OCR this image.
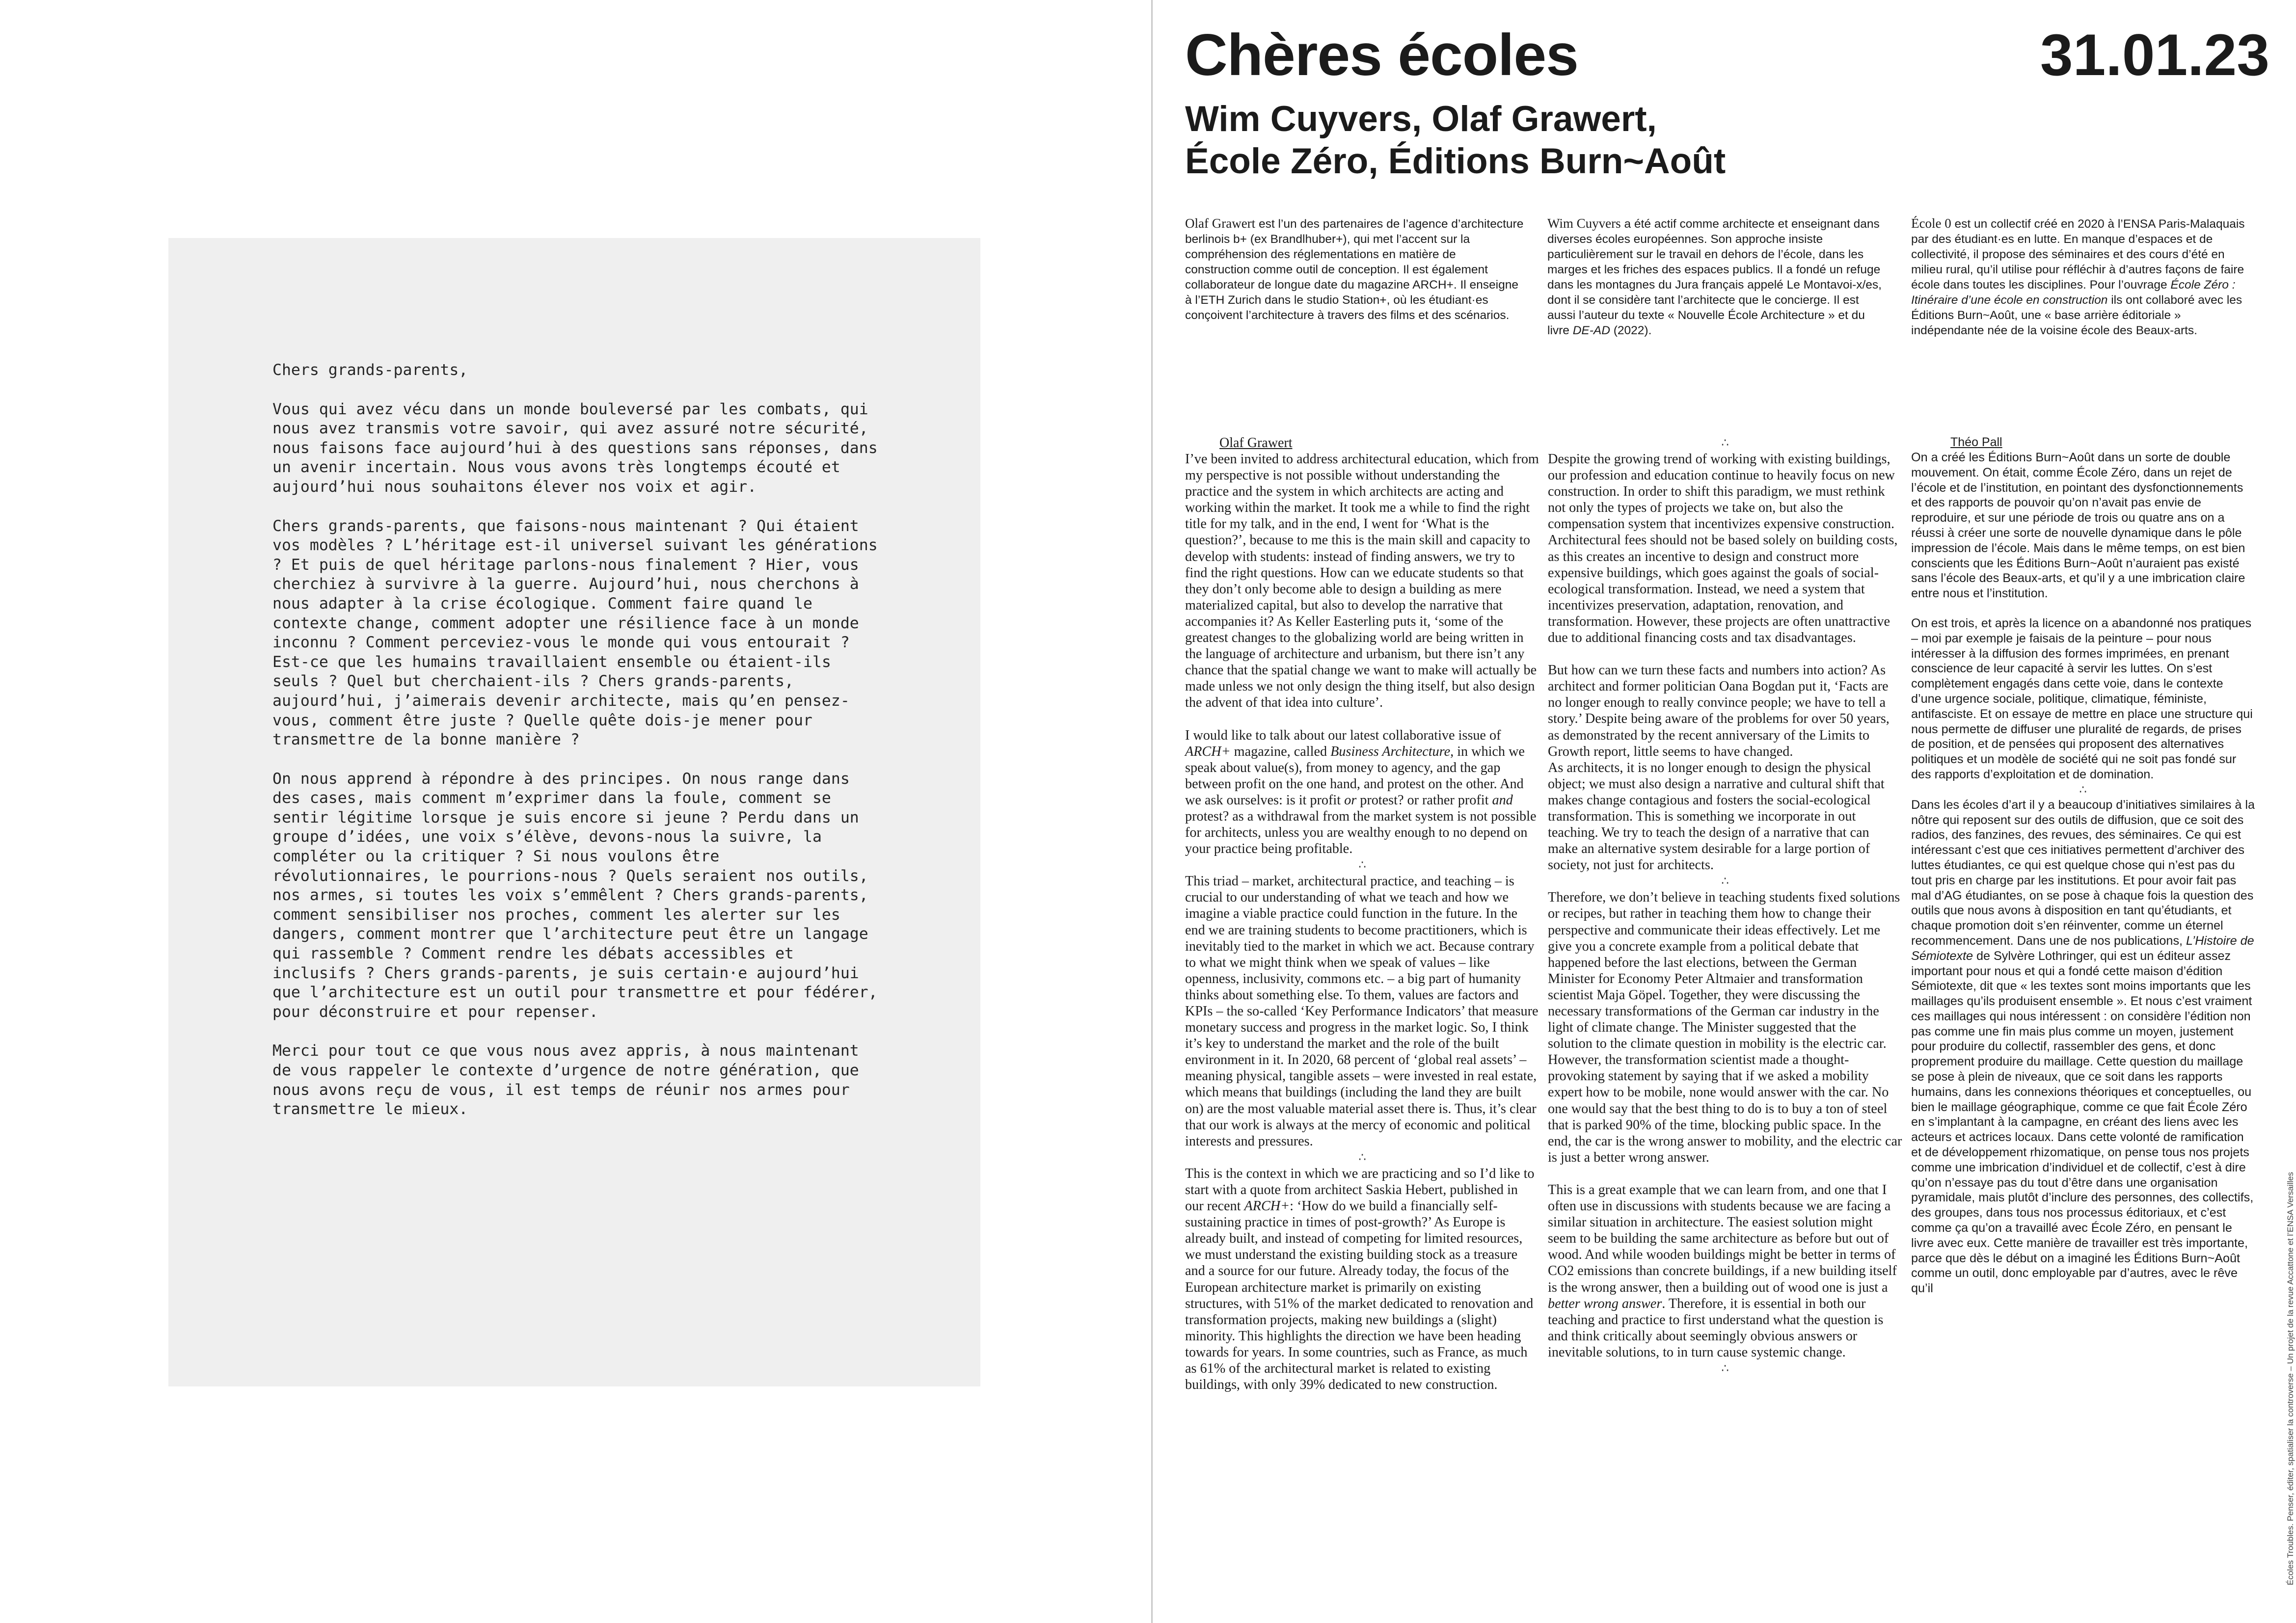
Chers grands-parents,

Vous qui avez vécu dans un monde bouleversé par les combats, qui nous avez transmis votre savoir, qui avez assuré notre sécurité, nous faisons face aujourd’hui à des questions sans réponses, dans un avenir incertain. Nous vous avons très longtemps écouté et aujourd’hui nous souhaitons élever nos voix et agir.

Chers grands-parents, que faisons-nous maintenant ? Qui étaient vos modèles ? L’héritage est-il universel suivant les générations ? Et puis de quel héritage parlons-nous finalement ? Hier, vous cherchiez à survivre à la guerre. Aujourd’hui, nous cherchons à nous adapter à la crise écologique. Comment faire quand le contexte change, comment adopter une résilience face à un monde inconnu ? Comment perceviez-vous le monde qui vous entourait ? Est-ce que les humains travaillaient ensemble ou étaient-ils seuls ? Quel but cherchaient-ils ? Chers grands-parents, aujourd’hui, j’aimerais devenir architecte, mais qu’en pensez-vous, comment être juste ? Quelle quête dois-je mener pour transmettre de la bonne manière ?

On nous apprend à répondre à des principes. On nous range dans des cases, mais comment m’exprimer dans la foule, comment se sentir légitime lorsque je suis encore si jeune ? Perdu dans un groupe d’idées, une voix s’élève, devons-nous la suivre, la compléter ou la critiquer ? Si nous voulons être révolutionnaires, le pourrions-nous ? Quels seraient nos outils, nos armes, si toutes les voix s’emmêlent ? Chers grands-parents, comment sensibiliser nos proches, comment les alerter sur les dangers, comment montrer que l’architecture peut être un langage qui rassemble ? Comment rendre les débats accessibles et inclusifs ? Chers grands-parents, je suis certain·e aujourd’hui que l’architecture est un outil pour transmettre et pour fédérer, pour déconstruire et pour repenser.

Merci pour tout ce que vous nous avez appris, à nous maintenant de vous rappeler le contexte d’urgence de notre génération, que nous avons reçu de vous, il est temps de réunir nos armes pour transmettre le mieux.

Chères écoles	31.01.23
Wim Cuyvers, Olaf Grawert,
École Zéro, Éditions Burn~Août
Olaf Grawert est l’un des partenaires de l’agence d’architecture berlinois b+ (ex Brandlhuber+), qui met l’accent sur la compréhension des réglementations en matière de construction comme outil de conception. Il est également collaborateur de longue date du magazine ARCH+. Il enseigne à l’ETH Zurich dans le studio Station+, où les étudiant·es conçoivent l’architecture à travers des films et des scénarios.
Wim Cuyvers a été actif comme architecte et enseignant dans diverses écoles européennes. Son approche insiste particulièrement sur le travail en dehors de l’école, dans les marges et les friches des espaces publics. Il a fondé un refuge dans les montagnes du Jura français appelé Le Montavoi-x/es, dont il se considère tant l’architecte que le concierge. Il est aussi l’auteur du texte « Nouvelle École Architecture » et du livre DE-AD (2022).
École 0 est un collectif créé en 2020 à l’ENSA Paris-Malaquais par des étudiant·es en lutte. En manque d’espaces et de collectivité, il propose des séminaires et des cours d’été en milieu rural, qu’il utilise pour réfléchir à d’autres façons de faire école dans toutes les disciplines. Pour l’ouvrage École Zéro : Itinéraire d’une école en construction ils ont collaboré avec les Éditions Burn~Août, une « base arrière éditoriale » indépendante née de la voisine école des Beaux-arts.
Olaf Grawert

I’ve been invited to address architectural education, which from my perspective is not possible without understanding the practice and the system in which architects are acting and working within the market. It took me a while to find the right title for my talk, and in the end, I went for ‘What is the question?’, because to me this is the main skill and capacity to develop with students: instead of finding answers, we try to find the right questions. How can we educate students so that they don’t only become able to design a building as mere materialized capital, but also to develop the narrative that accompanies it? As Keller Easterling puts it, ‘some of the greatest changes to the globalizing world are being written in the language of architecture and urbanism, but there isn’t any chance that the spatial change we want to make will actually be made unless we not only design the thing itself, but also design the advent of that idea into culture’.

I would like to talk about our latest collaborative issue of ARCH+ magazine, called Business Architecture, in which we speak about value(s), from money to agency, and the gap between profit on the one hand, and protest on the other. And we ask ourselves: is it profit or protest? or rather profit and protest? as a withdrawal from the market system is not possible for architects, unless you are wealthy enough to no depend on your practice being profitable.

∴

This triad – market, architectural practice, and teaching – is crucial to our understanding of what we teach and how we imagine a viable practice could function in the future. In the end we are training students to become practitioners, which is inevitably tied to the market in which we act. Because contrary to what we might think when we speak of values – like openness, inclusivity, commons etc. – a big part of humanity thinks about something else. To them, values are factors and KPIs – the so-called ‘Key Performance Indicators’ that measure monetary success and progress in the market logic. So, I think it’s key to understand the market and the role of the built environment in it. In 2020, 68 percent of ‘global real assets’ – meaning physical, tangible assets – were invested in real estate, which means that buildings (including the land they are built on) are the most valuable material asset there is. Thus, it’s clear that our work is always at the mercy of economic and political interests and pressures.

∴

This is the context in which we are practicing and so I’d like to start with a quote from architect Saskia Hebert, published in our recent ARCH+: ‘How do we build a financially self-sustaining practice in times of post-growth?’ As Europe is already built, and instead of competing for limited resources, we must understand the existing building stock as a treasure and a source for our future. Already today, the focus of the European architecture market is primarily on existing structures, with 51% of the market dedicated to renovation and transformation projects, making new buildings a (slight) minority. This highlights the direction we have been heading towards for years. In some countries, such as France, as much as 61% of the architectural market is related to existing buildings, with only 39% dedicated to new construction.

∴

Despite the growing trend of working with existing buildings, our profession and education continue to heavily focus on new construction. In order to shift this paradigm, we must rethink not only the types of projects we take on, but also the compensation system that incentivizes expensive construction. Architectural fees should not be based solely on building costs, as this creates an incentive to design and construct more expensive buildings, which goes against the goals of social-ecological transformation. Instead, we need a system that incentivizes preservation, adaptation, renovation, and transformation. However, these projects are often unattractive due to additional financing costs and tax disadvantages.

But how can we turn these facts and numbers into action? As architect and former politician Oana Bogdan put it, ‘Facts are no longer enough to really convince people; we have to tell a story.’ Despite being aware of the problems for over 50 years, as demonstrated by the recent anniversary of the Limits to Growth report, little seems to have changed.

As architects, it is no longer enough to design the physical object; we must also design a narrative and cultural shift that makes change contagious and fosters the social-ecological transformation. This is something we incorporate in out teaching. We try to teach the design of a narrative that can make an alternative system desirable for a large portion of society, not just for architects.

∴

Therefore, we don’t believe in teaching students fixed solutions or recipes, but rather in teaching them how to change their perspective and communicate their ideas effectively. Let me give you a concrete example from a political debate that happened before the last elections, between the German Minister for Economy Peter Altmaier and transformation scientist Maja Göpel. Together, they were discussing the necessary transformations of the German car industry in the light of climate change. The Minister suggested that the solution to the climate question in mobility is the electric car. However, the transformation scientist made a thought-provoking statement by saying that if we asked a mobility expert how to be mobile, none would answer with the car. No one would say that the best thing to do is to buy a ton of steel that is parked 90% of the time, blocking public space. In the end, the car is the wrong answer to mobility, and the electric car is just a better wrong answer.

This is a great example that we can learn from, and one that I often use in discussions with students because we are facing a similar situation in architecture. The easiest solution might seem to be building the same architecture as before but out of wood. And while wooden buildings might be better in terms of CO2 emissions than concrete buildings, if a new building itself is the wrong answer, then a building out of wood one is just a better wrong answer. Therefore, it is essential in both our teaching and practice to first understand what the question is and think critically about seemingly obvious answers or inevitable solutions, to in turn cause systemic change.

∴
Théo Pall

On a créé les Éditions Burn~Août dans un sorte de double mouvement. On était, comme École Zéro, dans un rejet de l’école et de l’institution, en pointant des dysfonctionnements et des rapports de pouvoir qu’on n’avait pas envie de reproduire, et sur une période de trois ou quatre ans on a réussi à créer une sorte de nouvelle dynamique dans le pôle impression de l’école. Mais dans le même temps, on est bien conscients que les Éditions Burn~Août n’auraient pas existé sans l’école des Beaux-arts, et qu’il y a une imbrication claire entre nous et l’institution.

On est trois, et après la licence on a abandonné nos pratiques – moi par exemple je faisais de la peinture – pour nous intéresser à la diffusion des formes imprimées, en prenant conscience de leur capacité à servir les luttes. On s’est complètement engagés dans cette voie, dans le contexte d’une urgence sociale, politique, climatique, féministe, antifasciste. Et on essaye de mettre en place une structure qui nous permette de diffuser une pluralité de regards, de prises de position, et de pensées qui proposent des alternatives politiques et un modèle de société qui ne soit pas fondé sur des rapports d’exploitation et de domination.

∴

Dans les écoles d’art il y a beaucoup d’initiatives similaires à la nôtre qui reposent sur des outils de diffusion, que ce soit des radios, des fanzines, des revues, des séminaires. Ce qui est intéressant c’est que ces initiatives permettent d’archiver des luttes étudiantes, ce qui est quelque chose qui n’est pas du tout pris en charge par les institutions. Et pour avoir fait pas mal d’AG étudiantes, on se pose à chaque fois la question des outils que nous avons à disposition en tant qu’étudiants, et chaque promotion doit s’en réinventer, comme un éternel recommencement. Dans une de nos publications, L’Histoire de Sémiotexte de Sylvère Lothringer, qui est un éditeur assez important pour nous et qui a fondé cette maison d’édition Sémiotexte, dit que « les textes sont moins importants que les maillages qu’ils produisent ensemble ». Et nous c’est vraiment ces maillages qui nous intéressent : on considère l’édition non pas comme une fin mais plus comme un moyen, justement pour produire du collectif, rassembler des gens, et donc proprement produire du maillage. Cette question du maillage se pose à plein de niveaux, que ce soit dans les rapports humains, dans les connexions théoriques et conceptuelles, ou bien le maillage géographique, comme ce que fait École Zéro en s’implantant à la campagne, en créant des liens avec les acteurs et actrices locaux. Dans cette volonté de ramification et de développement rhizomatique, on pense tous nos projets comme une imbrication d’individuel et de collectif, c’est à dire qu’on n’essaye pas du tout d’être dans une organisation pyramidale, mais plutôt d’inclure des personnes, des collectifs, des groupes, dans tous nos processus éditoriaux, et c’est comme ça qu’on a travaillé avec École Zéro, en pensant le livre avec eux. Cette manière de travailler est très importante, parce que dès le début on a imaginé les Éditions Burn~Août comme un outil, donc employable par d’autres, avec le rêve qu’il	Écoles Troubles. Penser, éditer, spatialiser la controverse – Un projet de la revue Accattone et l’ENSA Versailles
